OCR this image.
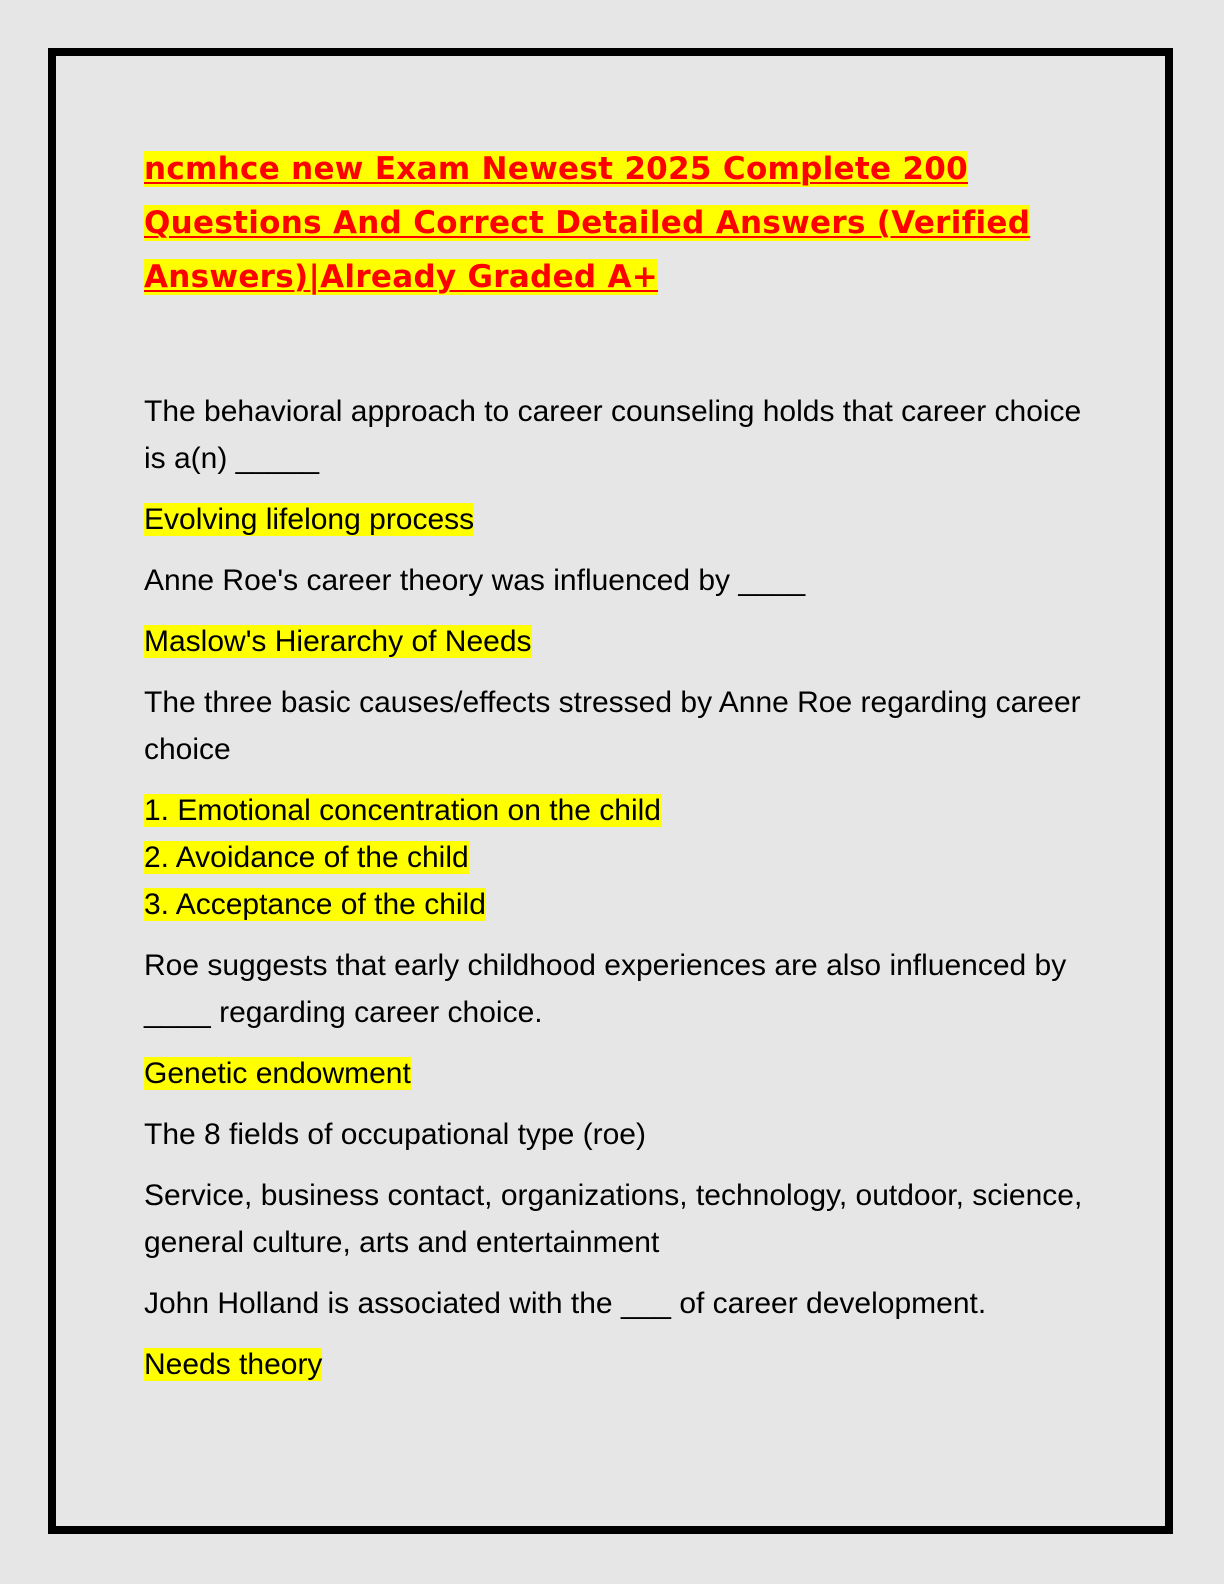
ncmhce new Exam Newest 2025 Complete 200 Questions And Correct Detailed Answers (Verified Answers)|Already Graded A+

The behavioral approach to career counseling holds that career choice is a(n) _____

Evolving lifelong process

Anne Roe's career theory was influenced by ____

Maslow's Hierarchy of Needs

The three basic causes/effects stressed by Anne Roe regarding career choice

1. Emotional concentration on the child
2. Avoidance of the child
3. Acceptance of the child

Roe suggests that early childhood experiences are also influenced by ____ regarding career choice.

Genetic endowment

The 8 fields of occupational type (roe)

Service, business contact, organizations, technology, outdoor, science, general culture, arts and entertainment

John Holland is associated with the ___ of career development.

Needs theory
